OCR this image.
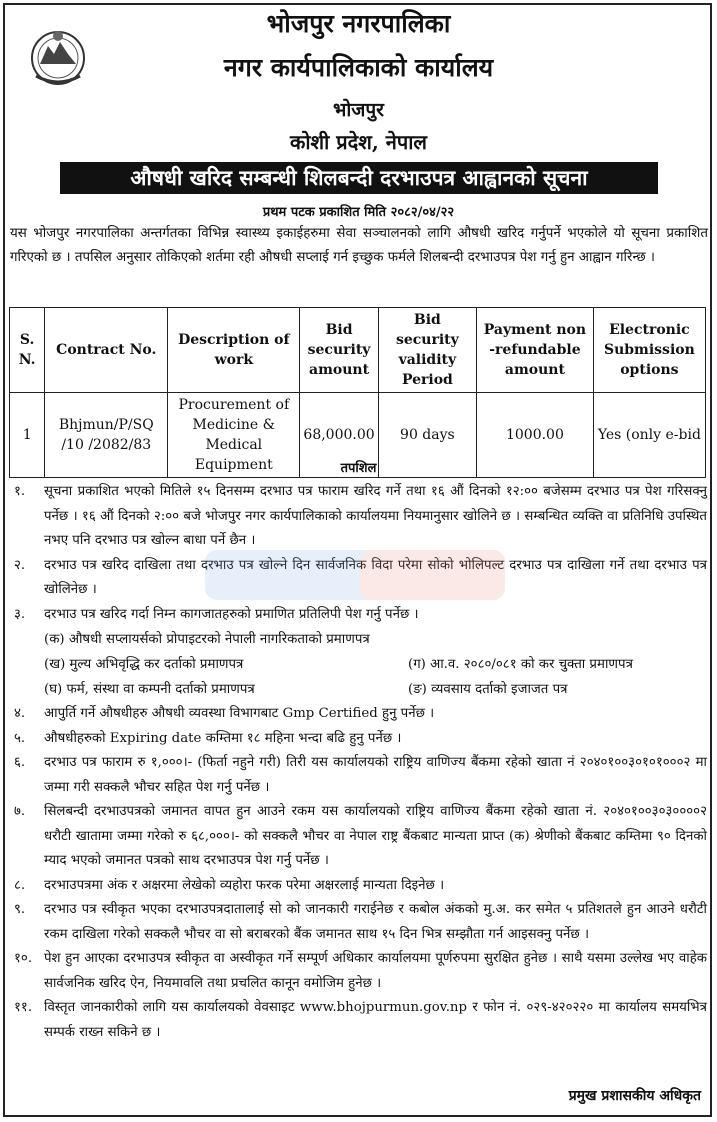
भोजपुर नगरपालिका
नगर कार्यपालिकाको कार्यालय
भोजपुर
कोशी प्रदेश, नेपाल
औषधी खरिद सम्बन्धी शिलबन्दी दरभाउपत्र आह्वानको सूचना
प्रथम पटक प्रकाशित मिति २०८२/०४/२२
यस भोजपुर नगरपालिका अन्तर्गतका विभिन्न स्वास्थ्य इकाईहरुमा सेवा सञ्चालनको लागि औषधी खरिद गर्नुपर्ने भएकोले यो सूचना प्रकाशित गरिएको छ । तपसिल अनुसार तोकिएको शर्तमा रही औषधी सप्लाई गर्न इच्छुक फर्मले शिलबन्दी दरभाउपत्र पेश गर्नु हुन आह्वान गरिन्छ ।
S. N.	Contract No.	Description of work	Bid security amount	Bid security validity Period	Payment non -refundable amount	Electronic Submission options
1	Bhjmun/P/SQ /10 /2082/83	Procurement of Medicine & Medical Equipment	68,000.00	90 days	1000.00	Yes (only e-bid
तपशिल
१. सूचना प्रकाशित भएको मितिले १५ दिनसम्म दरभाउ पत्र फाराम खरिद गर्ने तथा १६ औं दिनको १२:०० बजेसम्म दरभाउ पत्र पेश गरिसक्नु पर्नेछ । १६ औं दिनको २:०० बजे भोजपुर नगर कार्यपालिकाको कार्यालयमा नियमानुसार खोलिने छ । सम्बन्धित व्यक्ति वा प्रतिनिधि उपस्थित नभए पनि दरभाउ पत्र खोल्न बाधा पर्ने छैन ।
२. दरभाउ पत्र खरिद दाखिला तथा दरभाउ पत्र खोल्ने दिन सार्वजनिक विदा परेमा सोको भोलिपल्ट दरभाउ पत्र दाखिला गर्ने तथा दरभाउ पत्र खोलिनेछ ।
३. दरभाउ पत्र खरिद गर्दा निम्न कागजातहरुको प्रमाणित प्रतिलिपी पेश गर्नु पर्नेछ ।
(क) औषधी सप्लायर्सको प्रोपाइटरको नेपाली नागरिकताको प्रमाणपत्र
(ख) मुल्य अभिवृद्धि कर दर्ताको प्रमाणपत्र	(ग) आ.व. २०८०/०८१ को कर चुक्ता प्रमाणपत्र
(घ) फर्म, संस्था वा कम्पनी दर्ताको प्रमाणपत्र	(ङ) व्यवसाय दर्ताको इजाजत पत्र
४. आपुर्ति गर्ने औषधीहरु औषधी व्यवस्था विभागबाट Gmp Certified हुनु पर्नेछ ।
५. औषधीहरुको Expiring date कम्तिमा १८ महिना भन्दा बढि हुनु पर्नेछ ।
६. दरभाउ पत्र फाराम रु १,०००।- (फिर्ता नहुने गरी) तिरी यस कार्यालयको राष्ट्रिय वाणिज्य बैंकमा रहेको खाता नं २०४०१००३०१०१०००२ मा जम्मा गरी सक्कलै भौचर सहित पेश गर्नु पर्नेछ ।
७. सिलबन्दी दरभाउपत्रको जमानत वापत हुन आउने रकम यस कार्यालयको राष्ट्रिय वाणिज्य बैंकमा रहेको खाता नं. २०४०१००३०३००००२ धरौटी खातामा जम्मा गरेको रु ६८,०००।- को सक्कलै भौचर वा नेपाल राष्ट्र बैंकबाट मान्यता प्राप्त (क) श्रेणीको बैंकबाट कम्तिमा ९० दिनको म्याद भएको जमानत पत्रको साथ दरभाउपत्र पेश गर्नु पर्नेछ ।
८. दरभाउपत्रमा अंक र अक्षरमा लेखेको व्यहोरा फरक परेमा अक्षरलाई मान्यता दिइनेछ ।
९. दरभाउ पत्र स्वीकृत भएका दरभाउपत्रदातालाई सो को जानकारी गराईनेछ र कबोल अंकको मु.अ. कर समेत ५ प्रतिशतले हुन आउने धरौटी रकम दाखिला गरेको सक्कलै भौचर वा सो बराबरको बैंक जमानत साथ १५ दिन भित्र सम्झौता गर्न आइसक्नु पर्नेछ ।
१०. पेश हुन आएका दरभाउपत्र स्वीकृत वा अस्वीकृत गर्ने सम्पूर्ण अधिकार कार्यालयमा पूर्णरुपमा सुरक्षित हुनेछ । साथै यसमा उल्लेख भए वाहेक सार्वजनिक खरिद ऐन, नियमावलि तथा प्रचलित कानून वमोजिम हुनेछ ।
११. विस्तृत जानकारीको लागि यस कार्यालयको वेवसाइट www.bhojpurmun.gov.np र फोन नं. ०२९-४२०२२० मा कार्यालय समयभित्र सम्पर्क राख्न सकिने छ ।
प्रमुख प्रशासकीय अधिकृत
